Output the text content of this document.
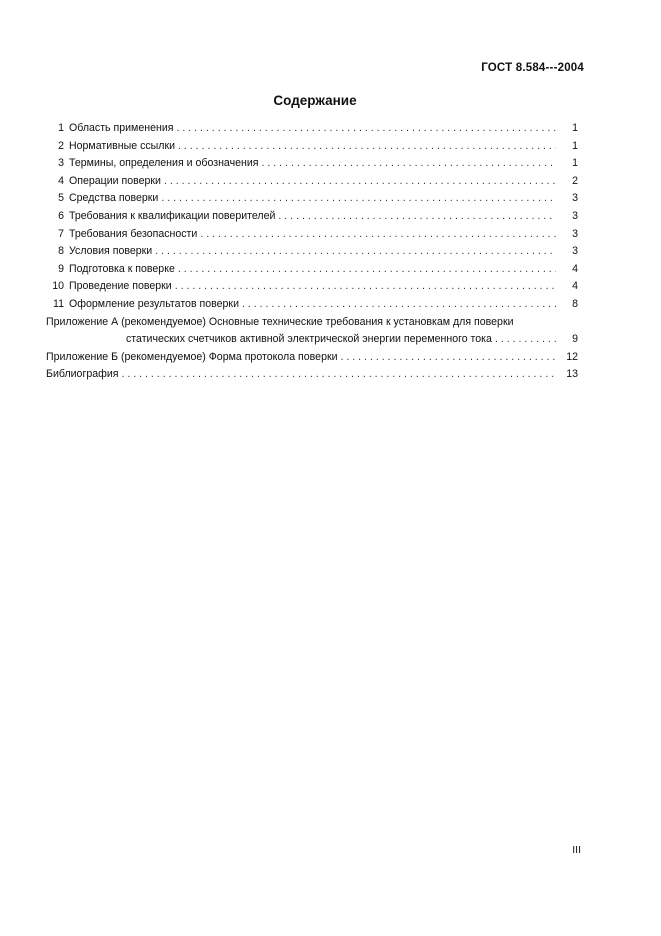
ГОСТ 8.584---2004
Содержание
1 Область применения . . .	1
2 Нормативные ссылки . . .	1
3 Термины, определения и обозначения . . .	1
4 Операции поверки . . .	2
5 Средства поверки . . .	3
6 Требования к квалификации поверителей . . .	3
7 Требования безопасности . . .	3
8 Условия поверки . . .	3
9 Подготовка к поверке . . .	4
10 Проведение поверки . . .	4
11 Оформление результатов поверки . . .	8
Приложение А (рекомендуемое) Основные технические требования к установкам для поверки
статических счетчиков активной электрической энергии переменного тока . . .	9
Приложение Б (рекомендуемое) Форма протокола поверки . . .	12
Библиография . . .	13
III
